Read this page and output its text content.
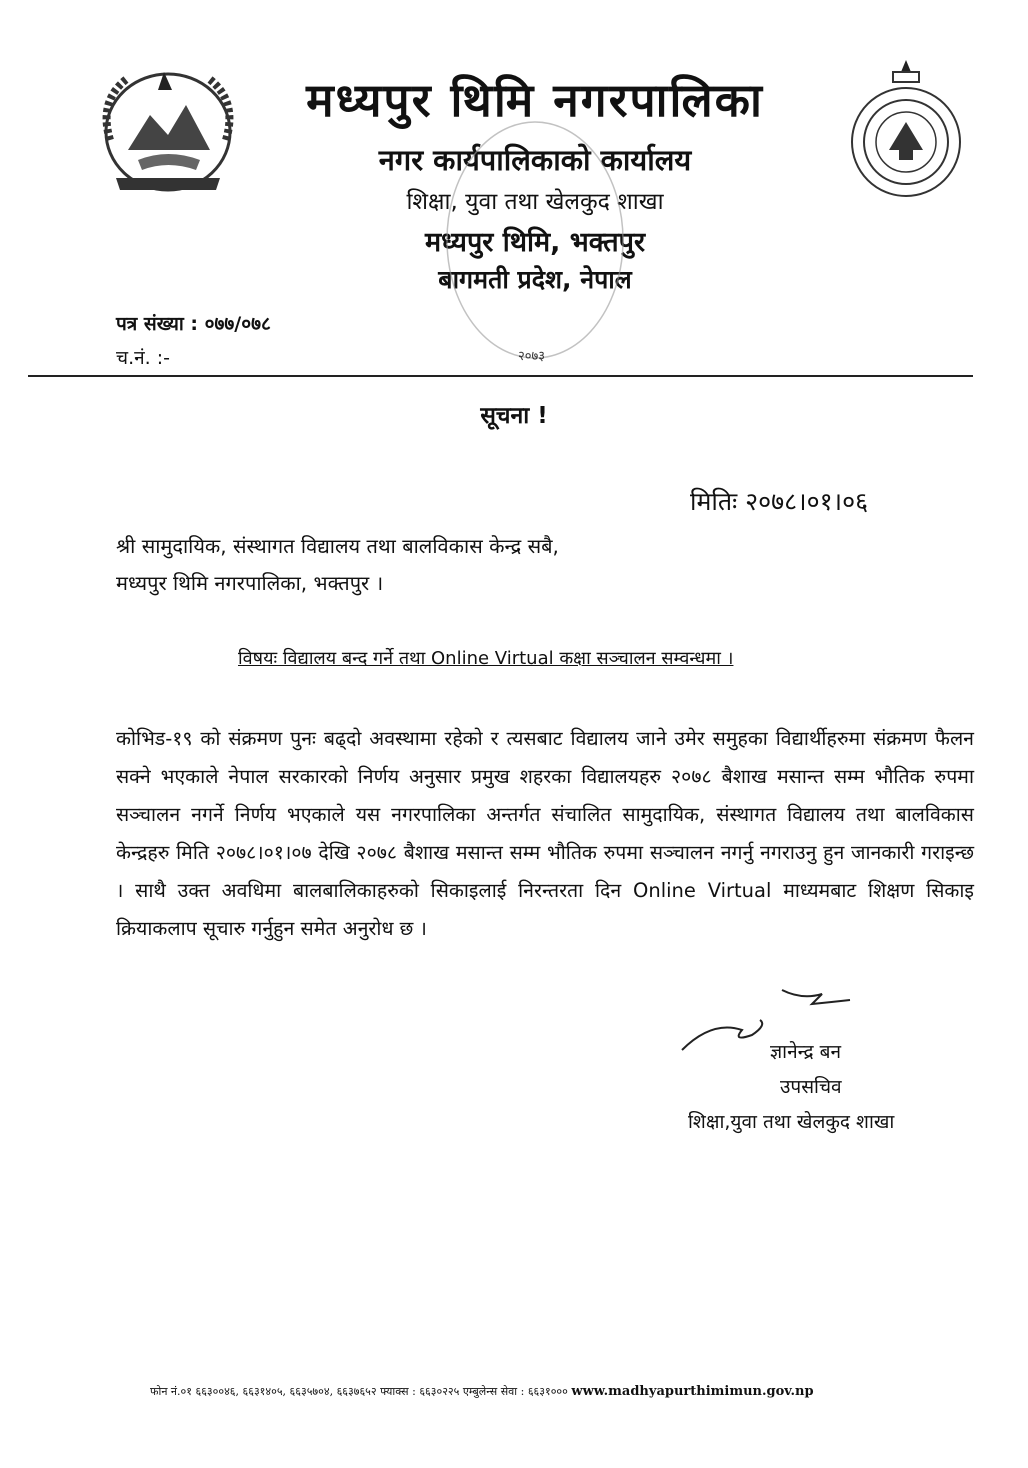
मध्यपुर थिमि नगरपालिका
नगर कार्यपालिकाको कार्यालय
शिक्षा, युवा तथा खेलकुद शाखा
मध्यपुर थिमि, भक्तपुर
बागमती प्रदेश, नेपाल
२०७३
पत्र संख्या : ०७७/०७८
च.नं. :-
सूचना !
मितिः २०७८।०१।०६
श्री सामुदायिक, संस्थागत विद्यालय तथा बालविकास केन्द्र सबै,
मध्यपुर थिमि नगरपालिका, भक्तपुर ।
विषयः विद्यालय बन्द गर्ने तथा Online Virtual कक्षा सञ्चालन सम्वन्धमा ।
कोभिड-१९ को संक्रमण पुनः बढ्दो अवस्थामा रहेको र त्यसबाट विद्यालय जाने उमेर समुहका विद्यार्थीहरुमा संक्रमण फैलन सक्ने भएकाले नेपाल सरकारको निर्णय अनुसार प्रमुख शहरका विद्यालयहरु २०७८ बैशाख मसान्त सम्म भौतिक रुपमा सञ्चालन नगर्ने निर्णय भएकाले यस नगरपालिका अन्तर्गत संचालित सामुदायिक, संस्थागत विद्यालय तथा बालविकास केन्द्रहरु मिति २०७८।०१।०७ देखि २०७८ बैशाख मसान्त सम्म भौतिक रुपमा सञ्चालन नगर्नु नगराउनु हुन जानकारी गराइन्छ । साथै उक्त अवधिमा बालबालिकाहरुको सिकाइलाई निरन्तरता दिन Online Virtual माध्यमबाट शिक्षण सिकाइ क्रियाकलाप सूचारु गर्नुहुन समेत अनुरोध छ ।
ज्ञानेन्द्र बन
उपसचिव
शिक्षा,युवा तथा खेलकुद शाखा
फोन नं.०१ ६६३००४६, ६६३१४०५, ६६३५७०४, ६६३७६५२ फ्याक्स : ६६३०२२५ एम्बुलेन्स सेवा : ६६३१००० www.madhyapurthimimun.gov.np
